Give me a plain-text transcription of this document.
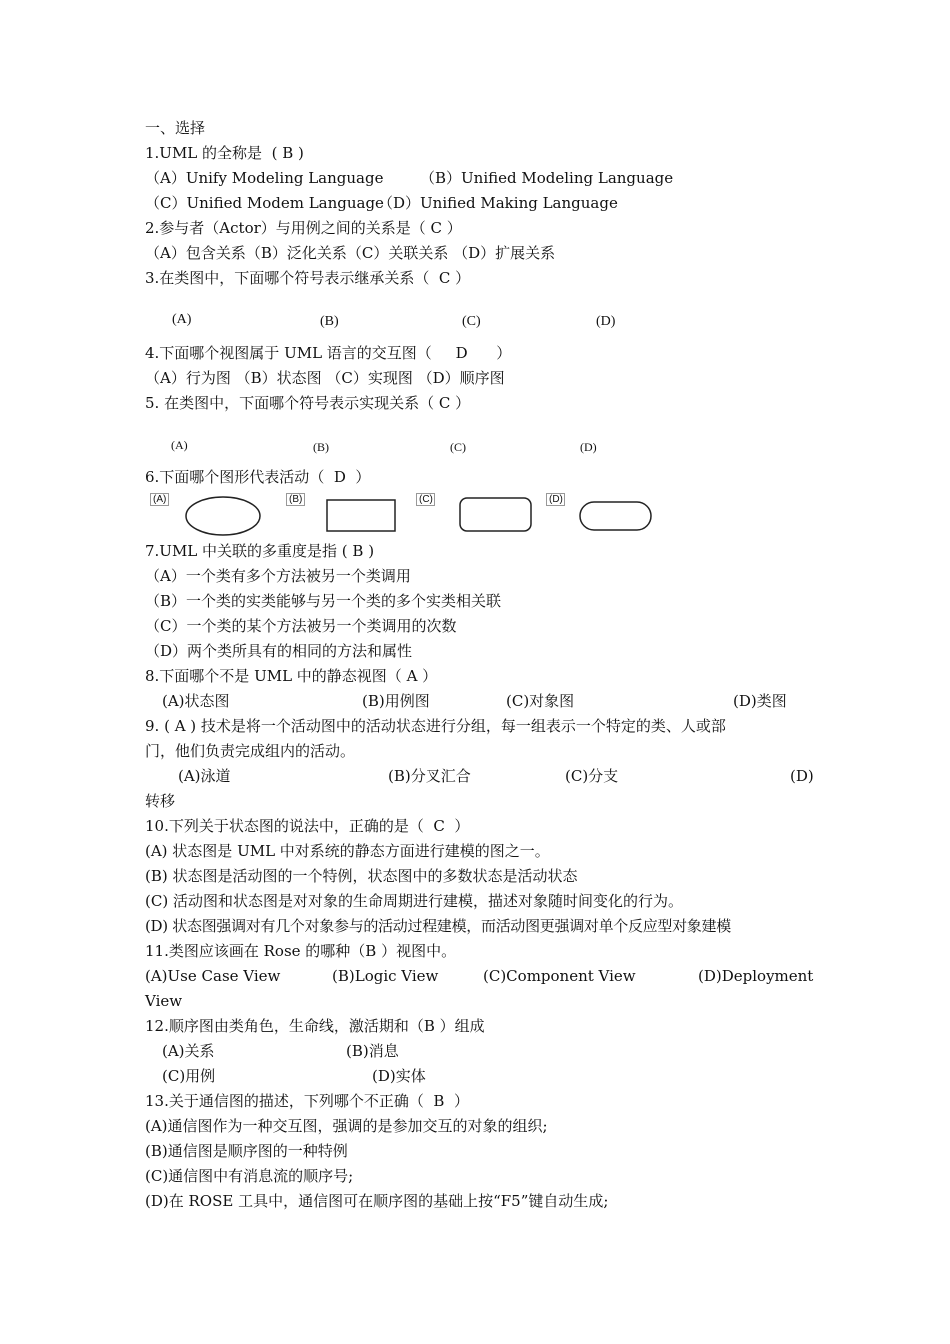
一、选择
1.UML 的全称是  ( B )
（A）Unify Modeling Language （B）Unified Modeling Language
（C）Unified Modem Language
（D）Unified Making Language
2.参与者（Actor）与用例之间的关系是（ C ）
（A）包含关系（B）泛化关系（C）关联关系 （D）扩展关系
3.在类图中，下面哪个符号表示继承关系（  C ）
(A)	(B)	(C)	(D)
4.下面哪个视图属于 UML 语言的交互图（     D      ）
（A）行为图 （B）状态图 （C）实现图 （D）顺序图
5. 在类图中，下面哪个符号表示实现关系（ C ）
(A)	(B)	(C)	(D)
6.下面哪个图形代表活动（  D  ）
(A)	(B)	(C)	(D)
7.UML 中关联的多重度是指 ( B )
（A）一个类有多个方法被另一个类调用
（B）一个类的实类能够与另一个类的多个实类相关联
（C）一个类的某个方法被另一个类调用的次数
（D）两个类所具有的相同的方法和属性
8.下面哪个不是 UML 中的静态视图（ A ）
(A)状态图	(B)用例图	(C)对象图	(D)类图
9. ( A ) 技术是将一个活动图中的活动状态进行分组，每一组表示一个特定的类、人或部
门，他们负责完成组内的活动。
(A)泳道	(B)分叉汇合	(C)分支	(D)
转移
10.下列关于状态图的说法中，正确的是（  C  ）
(A) 状态图是 UML 中对系统的静态方面进行建模的图之一。
(B) 状态图是活动图的一个特例，状态图中的多数状态是活动状态
(C) 活动图和状态图是对对象的生命周期进行建模，描述对象随时间变化的行为。
(D) 状态图强调对有几个对象参与的活动过程建模，而活动图更强调对单个反应型对象建模
11.类图应该画在 Rose 的哪种（B ）视图中。
(A)Use Case View	(B)Logic View	(C)Component View	(D)Deployment
View
12.顺序图由类角色，生命线，激活期和（B ）组成
(A)关系	(B)消息
(C)用例	(D)实体
13.关于通信图的描述，下列哪个不正确（  B  ）
(A)通信图作为一种交互图，强调的是参加交互的对象的组织;
(B)通信图是顺序图的一种特例
(C)通信图中有消息流的顺序号;
(D)在 ROSE 工具中，通信图可在顺序图的基础上按“F5”键自动生成;
